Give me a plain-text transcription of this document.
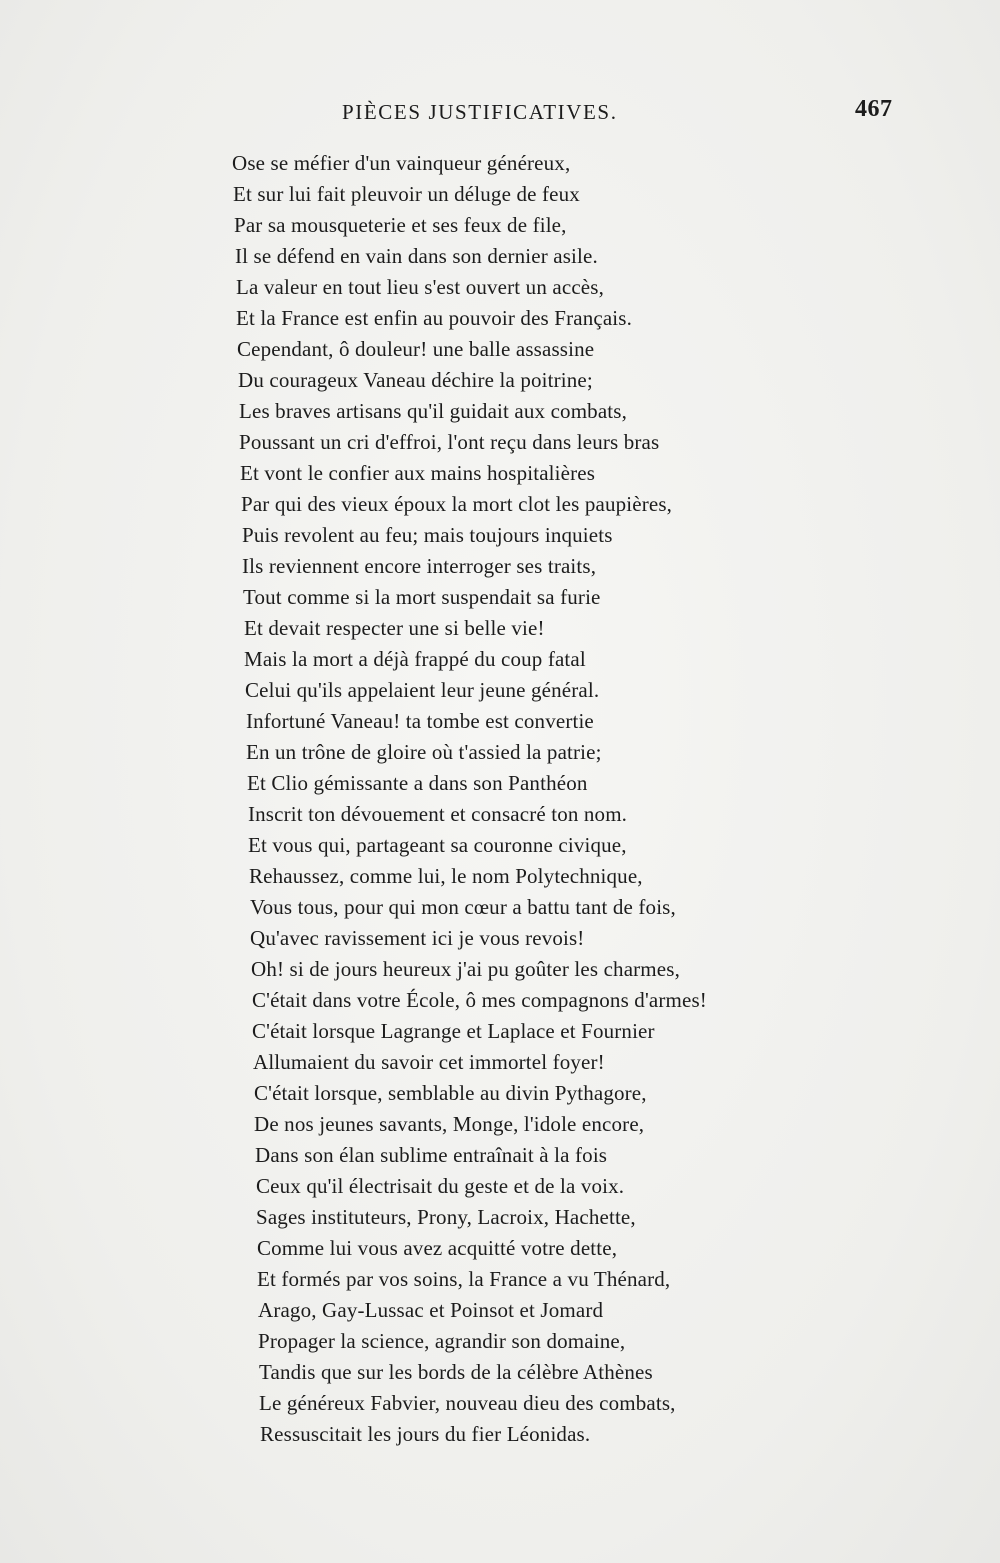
PIÈCES JUSTIFICATIVES.	467
Ose se méfier d'un vainqueur généreux,
Et sur lui fait pleuvoir un déluge de feux
Par sa mousqueterie et ses feux de file,
Il se défend en vain dans son dernier asile.
La valeur en tout lieu s'est ouvert un accès,
Et la France est enfin au pouvoir des Français.
Cependant, ô douleur! une balle assassine
Du courageux Vaneau déchire la poitrine;
Les braves artisans qu'il guidait aux combats,
Poussant un cri d'effroi, l'ont reçu dans leurs bras
Et vont le confier aux mains hospitalières
Par qui des vieux époux la mort clot les paupières,
Puis revolent au feu; mais toujours inquiets
Ils reviennent encore interroger ses traits,
Tout comme si la mort suspendait sa furie
Et devait respecter une si belle vie!
Mais la mort a déjà frappé du coup fatal
Celui qu'ils appelaient leur jeune général.
Infortuné Vaneau! ta tombe est convertie
En un trône de gloire où t'assied la patrie;
Et Clio gémissante a dans son Panthéon
Inscrit ton dévouement et consacré ton nom.
Et vous qui, partageant sa couronne civique,
Rehaussez, comme lui, le nom Polytechnique,
Vous tous, pour qui mon cœur a battu tant de fois,
Qu'avec ravissement ici je vous revois!
Oh! si de jours heureux j'ai pu goûter les charmes,
C'était dans votre École, ô mes compagnons d'armes!
C'était lorsque Lagrange et Laplace et Fournier
Allumaient du savoir cet immortel foyer!
C'était lorsque, semblable au divin Pythagore,
De nos jeunes savants, Monge, l'idole encore,
Dans son élan sublime entraînait à la fois
Ceux qu'il électrisait du geste et de la voix.
Sages instituteurs, Prony, Lacroix, Hachette,
Comme lui vous avez acquitté votre dette,
Et formés par vos soins, la France a vu Thénard,
Arago, Gay-Lussac et Poinsot et Jomard
Propager la science, agrandir son domaine,
Tandis que sur les bords de la célèbre Athènes
Le généreux Fabvier, nouveau dieu des combats,
Ressuscitait les jours du fier Léonidas.
